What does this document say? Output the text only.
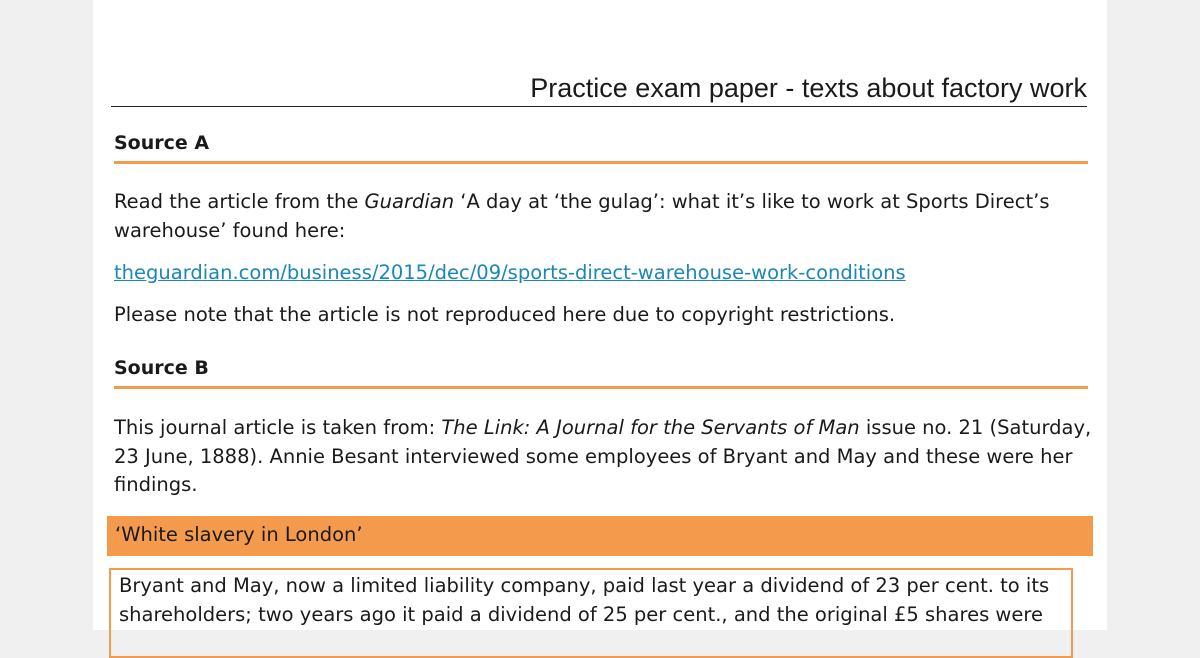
Practice exam paper - texts about factory work
Source A

Read the article from the Guardian ‘A day at ‘the gulag’: what it’s like to work at Sports Direct’s warehouse’ found here:

theguardian.com/business/2015/dec/09/sports-direct-warehouse-work-conditions

Please note that the article is not reproduced here due to copyright restrictions.

Source B

This journal article is taken from: The Link: A Journal for the Servants of Man issue no. 21 (Saturday, 23 June, 1888). Annie Besant interviewed some employees of Bryant and May and these were her findings.

‘White slavery in London’
Bryant and May, now a limited liability company, paid last year a dividend of 23 per cent. to its shareholders; two years ago it paid a dividend of 25 per cent., and the original £5 shares were
